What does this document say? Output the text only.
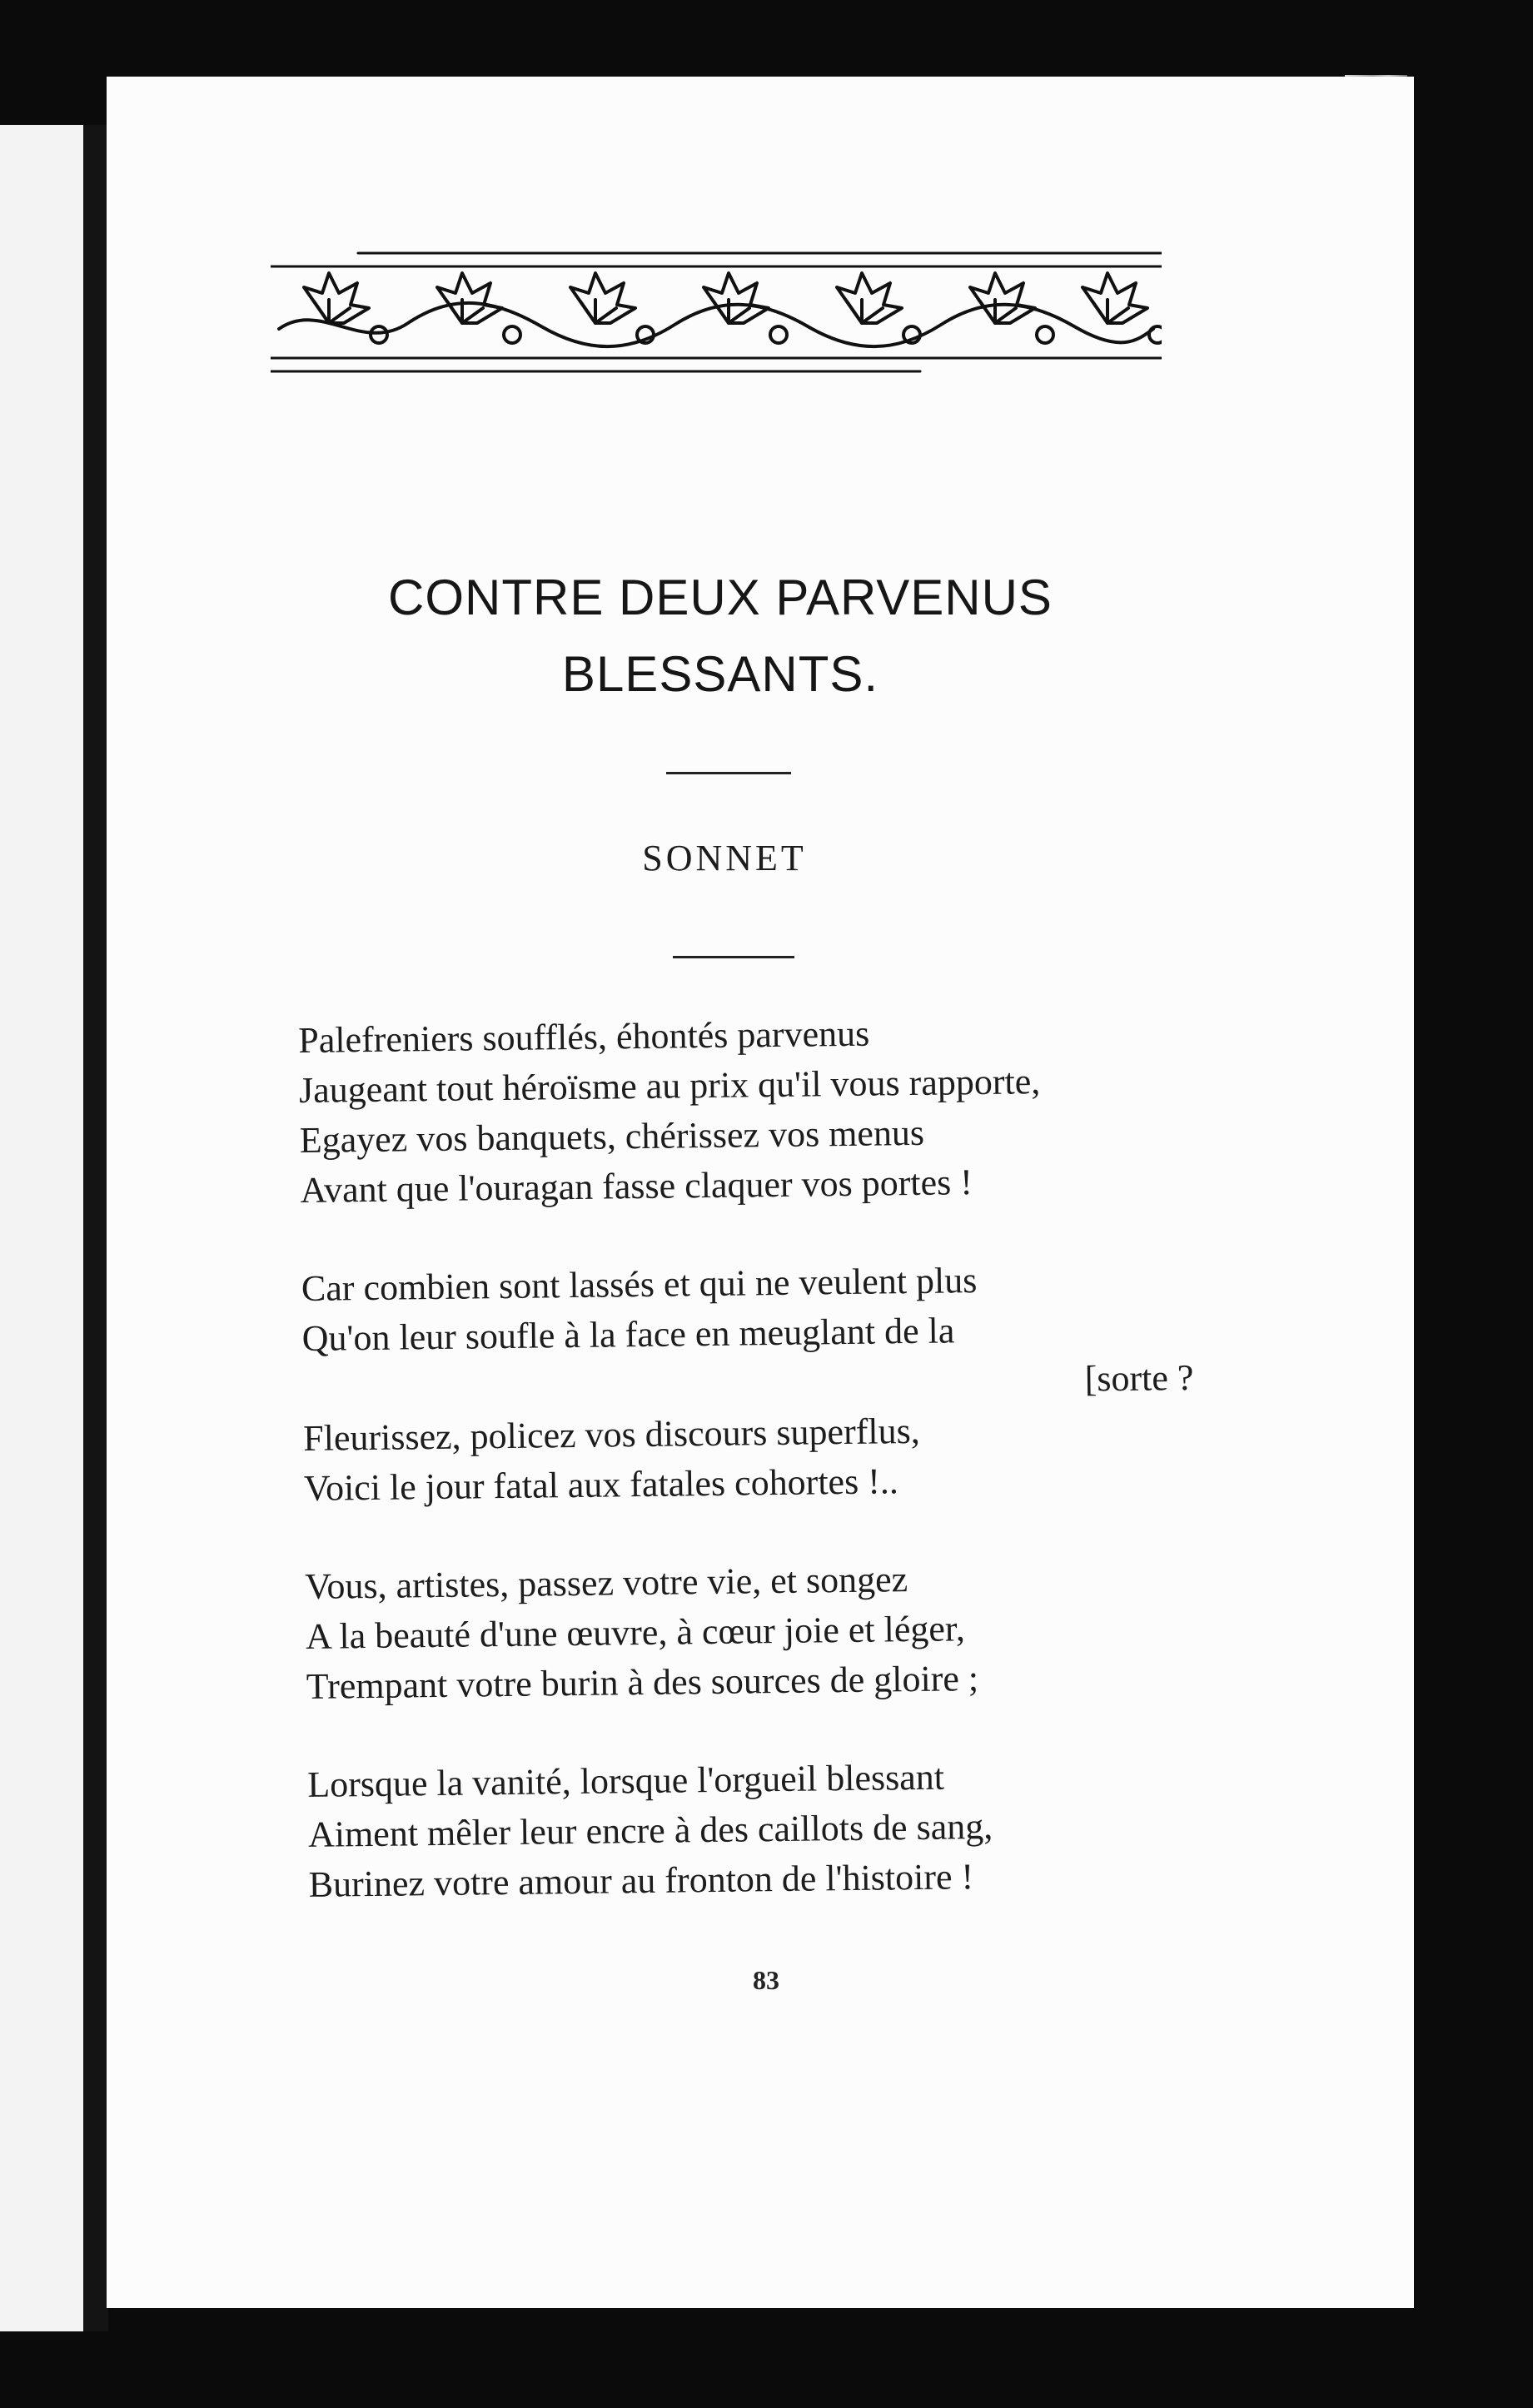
CONTRE DEUX PARVENUS
BLESSANTS.
SONNET
Palefreniers soufflés, éhontés parvenus
Jaugeant tout héroïsme au prix qu'il vous rapporte,
Egayez vos banquets, chérissez vos menus
Avant que l'ouragan fasse claquer vos portes !
Car combien sont lassés et qui ne veulent plus
Qu'on leur soufle à la face en meuglant de la
[sorte ?
Fleurissez, policez vos discours superflus,
Voici le jour fatal aux fatales cohortes !..
Vous, artistes, passez votre vie, et songez
A la beauté d'une œuvre, à cœur joie et léger,
Trempant votre burin à des sources de gloire ;
Lorsque la vanité, lorsque l'orgueil blessant
Aiment mêler leur encre à des caillots de sang,
Burinez votre amour au fronton de l'histoire !
83
